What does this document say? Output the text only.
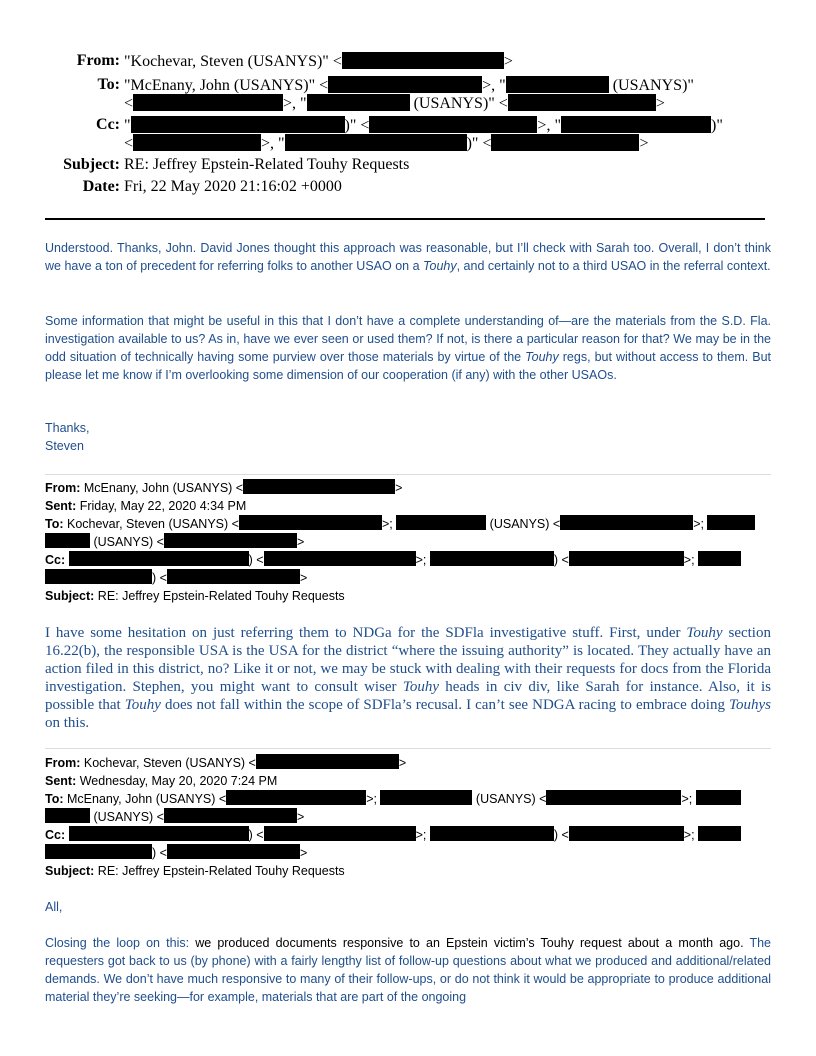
From: "Kochevar, Steven (USANYS)" <	>
To: "McEnany, John (USANYS)" <	>, "	(USANYS)"
<	>, "	(USANYS)" <	>
Cc: "	)" <	>, "	)"
<	>, "	)" <	>
Subject: RE: Jeffrey Epstein-Related Touhy Requests
Date: Fri, 22 May 2020 21:16:02 +0000
Understood. Thanks, John. David Jones thought this approach was reasonable, but I’ll check with Sarah too. Overall, I don’t think we have a ton of precedent for referring folks to another USAO on a Touhy, and certainly not to a third USAO in the referral context.
Some information that might be useful in this that I don’t have a complete understanding of—are the materials from the S.D. Fla. investigation available to us? As in, have we ever seen or used them? If not, is there a particular reason for that? We may be in the odd situation of technically having some purview over those materials by virtue of the Touhy regs, but without access to them. But please let me know if I’m overlooking some dimension of our cooperation (if any) with the other USAOs.
Thanks,
Steven
From: McEnany, John (USANYS) <	>
Sent: Friday, May 22, 2020 4:34 PM
To: Kochevar, Steven (USANYS) <	>;	(USANYS) <	>;
(USANYS) <	>
Cc:	) <	>;	) <	>;
) <	>
Subject: RE: Jeffrey Epstein-Related Touhy Requests
I have some hesitation on just referring them to NDGa for the SDFla investigative stuff. First, under Touhy section 16.22(b), the responsible USA is the USA for the district “where the issuing authority” is located. They actually have an action filed in this district, no? Like it or not, we may be stuck with dealing with their requests for docs from the Florida investigation. Stephen, you might want to consult wiser Touhy heads in civ div, like Sarah for instance. Also, it is possible that Touhy does not fall within the scope of SDFla’s recusal. I can’t see NDGA racing to embrace doing Touhys on this.
From: Kochevar, Steven (USANYS) <	>
Sent: Wednesday, May 20, 2020 7:24 PM
To: McEnany, John (USANYS) <	>;	(USANYS) <	>;
(USANYS) <	>
Cc:	) <	>;	) <	>;
) <	>
Subject: RE: Jeffrey Epstein-Related Touhy Requests
All,
Closing the loop on this: we produced documents responsive to an Epstein victim’s Touhy request about a month ago. The requesters got back to us (by phone) with a fairly lengthy list of follow-up questions about what we produced and additional/related demands. We don’t have much responsive to many of their follow-ups, or do not think it would be appropriate to produce additional material they’re seeking—for example, materials that are part of the ongoing
